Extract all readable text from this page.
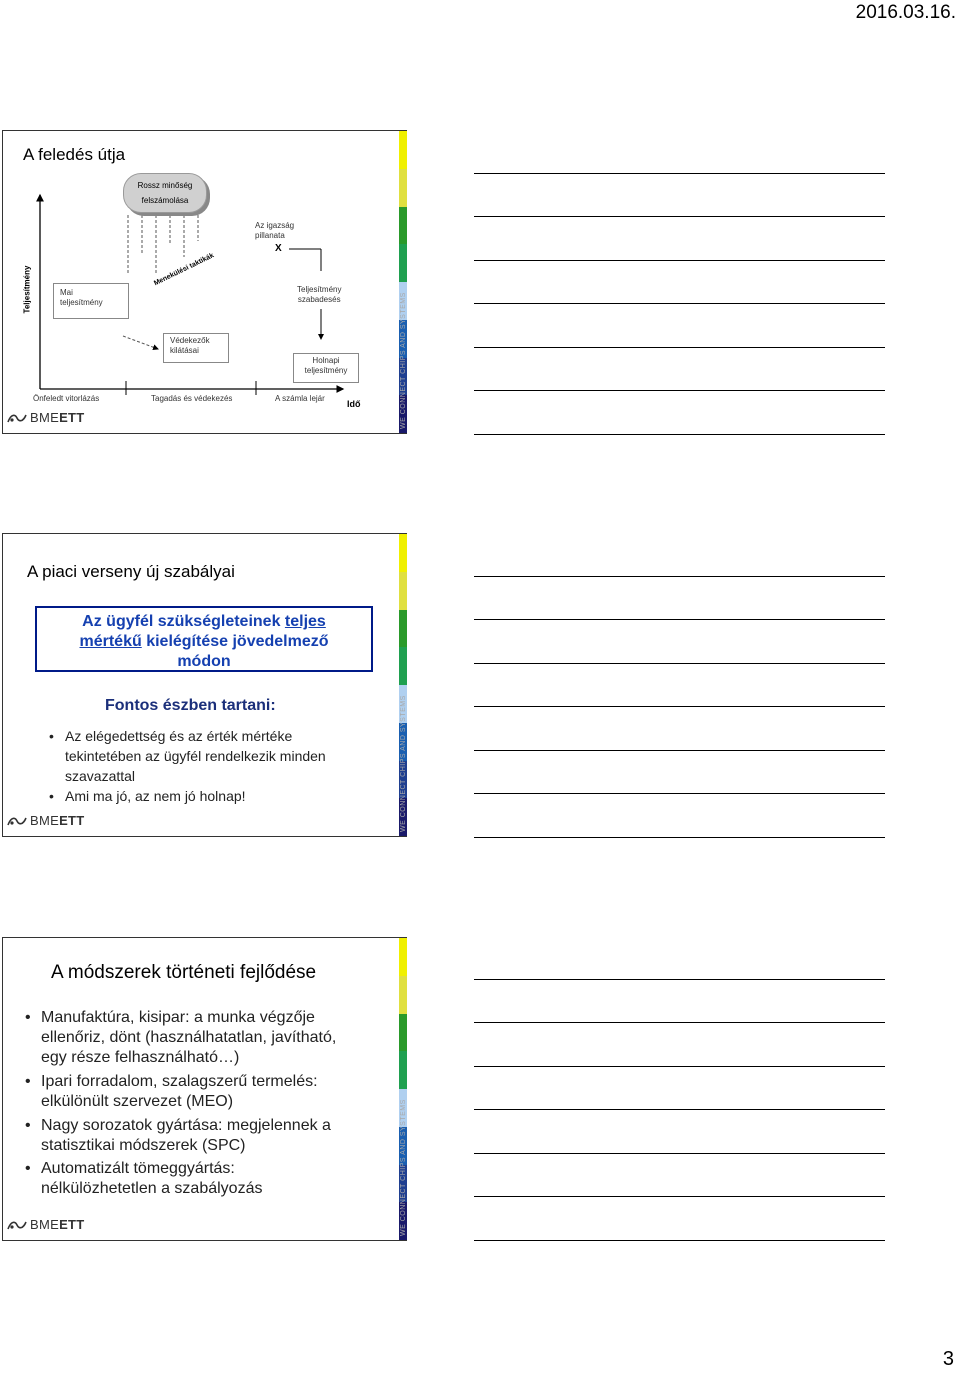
2016.03.16.
A feledés útja
Teljesítmény
Rossz minőség
felszámolása
Az igazság
pillanata
X
Mai
teljesítmény
Menekülési taktikák
Védekezők
kilátásai
Teljesítmény
szabadesés
Holnapi
teljesítmény
Önfeledt vitorlázás	Tagadás és védekezés	A számla lejár
Idő
BMEETT	WE CONNECT CHIPS AND SYSTEMS
A piaci verseny új szabályai
Az ügyfél szükségleteinek teljes
mértékű kielégítése jövedelmező
módon
Fontos észben tartani:
• Az elégedettség és az érték mértéke
tekintetében az ügyfél rendelkezik minden
szavazattal
• Ami ma jó, az nem jó holnap!
BMEETT	WE CONNECT CHIPS AND SYSTEMS
A módszerek történeti fejlődése
• Manufaktúra, kisipar: a munka végzője
ellenőriz, dönt (használhatatlan, javítható,
egy része felhasználható…)
• Ipari forradalom, szalagszerű termelés:
elkülönült szervezet (MEO)
• Nagy sorozatok gyártása: megjelennek a
statisztikai módszerek (SPC)
• Automatizált tömeggyártás:
nélkülözhetetlen a szabályozás
BMEETT	WE CONNECT CHIPS AND SYSTEMS
3
